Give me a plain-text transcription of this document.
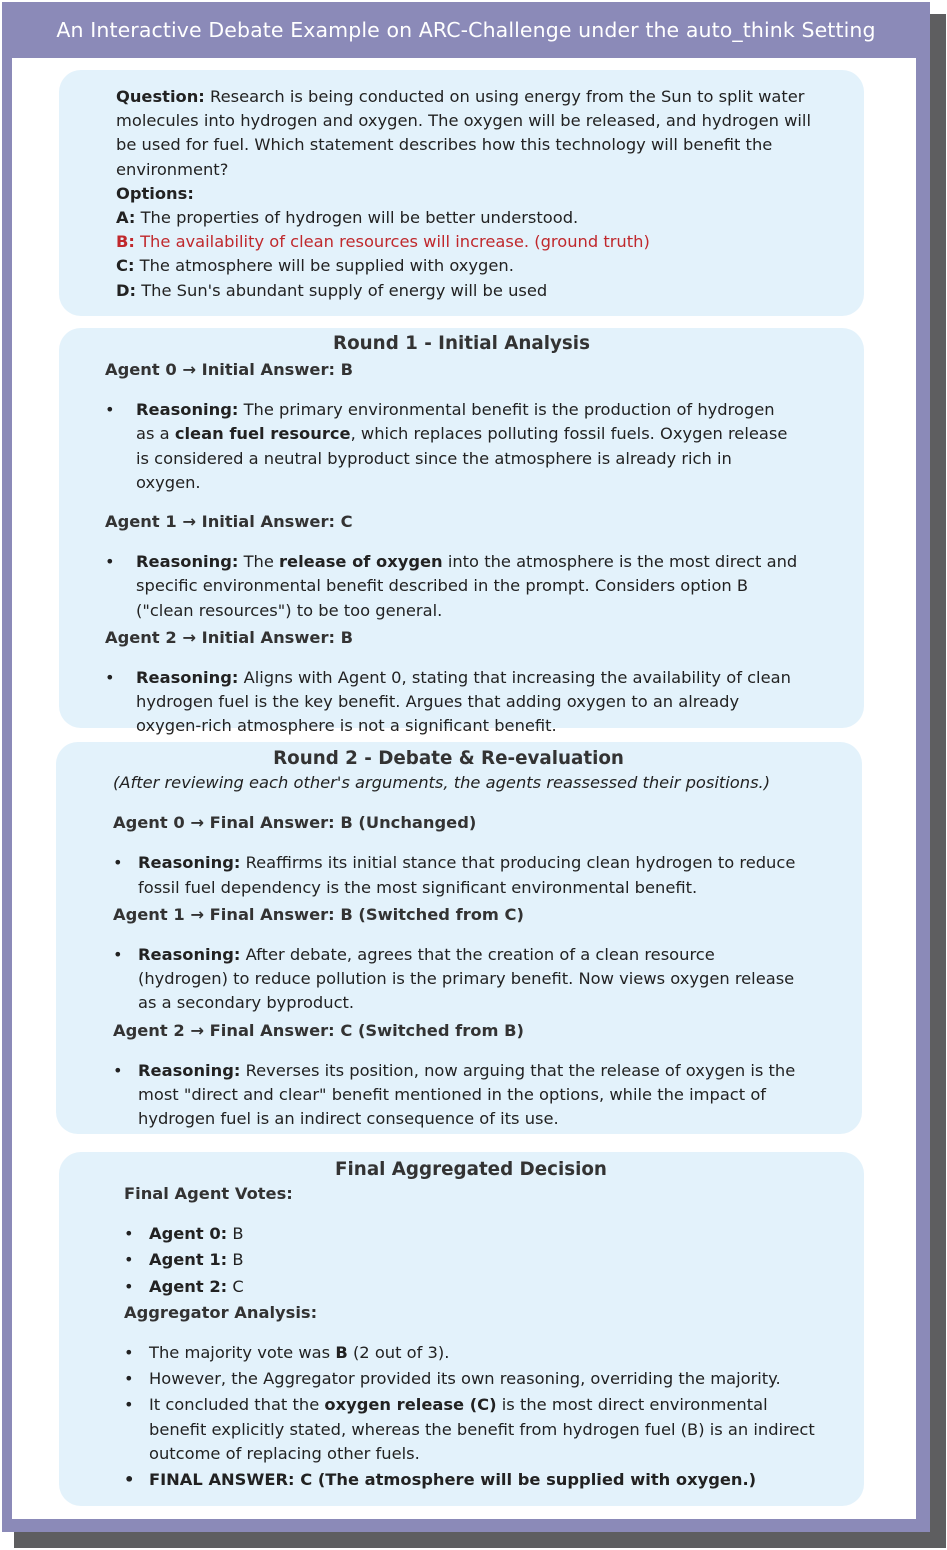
An Interactive Debate Example on ARC-Challenge under the auto_think Setting
Question: Research is being conducted on using energy from the Sun to split water molecules into hydrogen and oxygen. The oxygen will be released, and hydrogen will be used for fuel. Which statement describes how this technology will benefit the environment?
Options:
A: The properties of hydrogen will be better understood.
B: The availability of clean resources will increase. (ground truth)
C: The atmosphere will be supplied with oxygen.
D: The Sun's abundant supply of energy will be used
Round 1 - Initial Analysis
Agent 0 → Initial Answer: B
• Reasoning: The primary environmental benefit is the production of hydrogen as a clean fuel resource, which replaces polluting fossil fuels. Oxygen release is considered a neutral byproduct since the atmosphere is already rich in oxygen.
Agent 1 → Initial Answer: C
• Reasoning: The release of oxygen into the atmosphere is the most direct and specific environmental benefit described in the prompt. Considers option B ("clean resources") to be too general.
Agent 2 → Initial Answer: B
• Reasoning: Aligns with Agent 0, stating that increasing the availability of clean hydrogen fuel is the key benefit. Argues that adding oxygen to an already oxygen-rich atmosphere is not a significant benefit.
Round 2 - Debate & Re-evaluation
(After reviewing each other's arguments, the agents reassessed their positions.)
Agent 0 → Final Answer: B (Unchanged)
• Reasoning: Reaffirms its initial stance that producing clean hydrogen to reduce fossil fuel dependency is the most significant environmental benefit.
Agent 1 → Final Answer: B (Switched from C)
• Reasoning: After debate, agrees that the creation of a clean resource (hydrogen) to reduce pollution is the primary benefit. Now views oxygen release as a secondary byproduct.
Agent 2 → Final Answer: C (Switched from B)
• Reasoning: Reverses its position, now arguing that the release of oxygen is the most "direct and clear" benefit mentioned in the options, while the impact of hydrogen fuel is an indirect consequence of its use.
Final Aggregated Decision
Final Agent Votes:
• Agent 0: B
• Agent 1: B
• Agent 2: C
Aggregator Analysis:
• The majority vote was B (2 out of 3).
• However, the Aggregator provided its own reasoning, overriding the majority.
• It concluded that the oxygen release (C) is the most direct environmental benefit explicitly stated, whereas the benefit from hydrogen fuel (B) is an indirect outcome of replacing other fuels.
• FINAL ANSWER: C (The atmosphere will be supplied with oxygen.)
